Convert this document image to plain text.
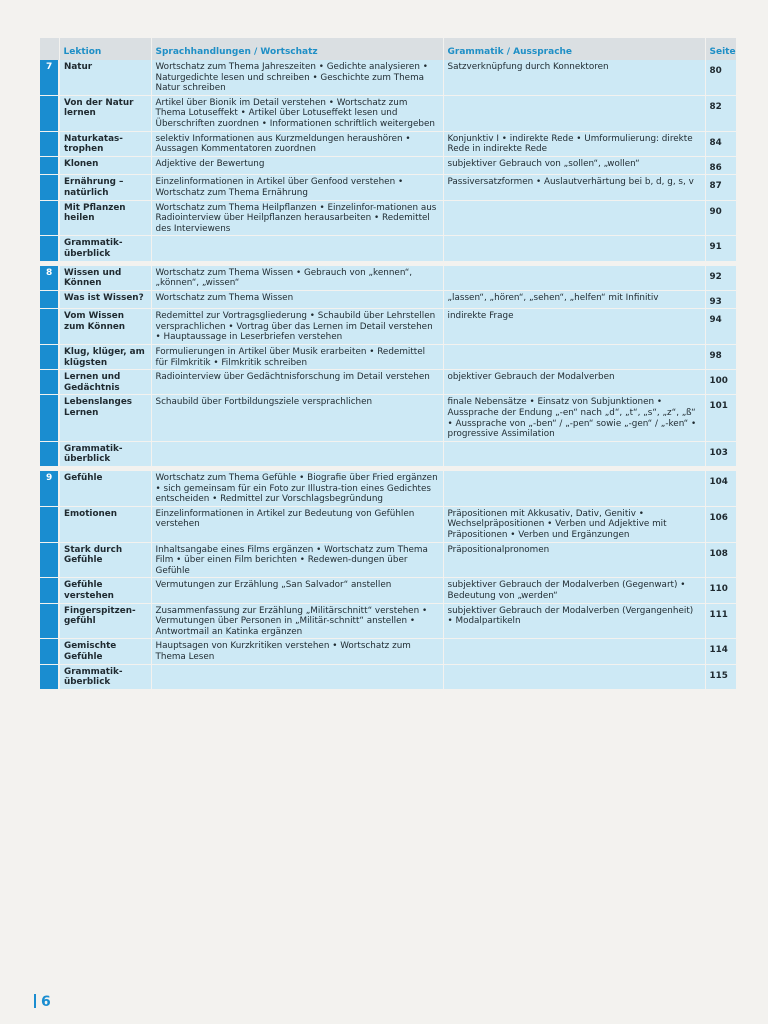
	Lektion	Sprachhandlungen / Wortschatz	Grammatik / Aussprache	Seite
7	Natur	Wortschatz zum Thema Jahreszeiten • Gedichte analysieren • Naturgedichte lesen und schreiben • Geschichte zum Thema Natur schreiben	Satzverknüpfung durch Konnektoren	80
	Von der Natur lernen	Artikel über Bionik im Detail verstehen • Wortschatz zum Thema Lotuseffekt • Artikel über Lotuseffekt lesen und Überschriften zuordnen • Informationen schriftlich weitergeben		82
	Naturkatas-trophen	selektiv Informationen aus Kurzmeldungen heraushören • Aussagen Kommentatoren zuordnen	Konjunktiv I • indirekte Rede • Umformulierung: direkte Rede in indirekte Rede	84
	Klonen	Adjektive der Bewertung	subjektiver Gebrauch von „sollen“, „wollen“	86
	Ernährung – natürlich	Einzelinformationen in Artikel über Genfood verstehen • Wortschatz zum Thema Ernährung	Passiversatzformen • Auslautverhärtung bei b, d, g, s, v	87
	Mit Pflanzen heilen	Wortschatz zum Thema Heilpflanzen • Einzelinfor-mationen aus Radiointerview über Heilpflanzen herausarbeiten • Redemittel des Interviewens		90
	Grammatik-überblick			91

8	Wissen und Können	Wortschatz zum Thema Wissen • Gebrauch von „kennen“, „können“, „wissen“		92
	Was ist Wissen?	Wortschatz zum Thema Wissen	„lassen“, „hören“, „sehen“, „helfen“ mit Infinitiv	93
	Vom Wissen zum Können	Redemittel zur Vortragsgliederung • Schaubild über Lehrstellen versprachlichen • Vortrag über das Lernen im Detail verstehen • Hauptaussage in Leserbriefen verstehen	indirekte Frage	94
	Klug, klüger, am klügsten	Formulierungen in Artikel über Musik erarbeiten • Redemittel für Filmkritik • Filmkritik schreiben		98
	Lernen und Gedächtnis	Radiointerview über Gedächtnisforschung im Detail verstehen	objektiver Gebrauch der Modalverben	100
	Lebenslanges Lernen	Schaubild über Fortbildungsziele versprachlichen	finale Nebensätze • Einsatz von Subjunktionen • Aussprache der Endung „-en“ nach „d“, „t“, „s“, „z“, „ß“ • Aussprache von „-ben“ / „-pen“ sowie „-gen“ / „-ken“ • progressive Assimilation	101
	Grammatik-überblick			103

9	Gefühle	Wortschatz zum Thema Gefühle • Biografie über Fried ergänzen • sich gemeinsam für ein Foto zur Illustra-tion eines Gedichtes entscheiden • Redmittel zur Vorschlagsbegründung		104
	Emotionen	Einzelinformationen in Artikel zur Bedeutung von Gefühlen verstehen	Präpositionen mit Akkusativ, Dativ, Genitiv • Wechselpräpositionen • Verben und Adjektive mit Präpositionen • Verben und Ergänzungen	106
	Stark durch Gefühle	Inhaltsangabe eines Films ergänzen • Wortschatz zum Thema Film • über einen Film berichten • Redewen-dungen über Gefühle	Präpositionalpronomen	108
	Gefühle verstehen	Vermutungen zur Erzählung „San Salvador“ anstellen	subjektiver Gebrauch der Modalverben (Gegenwart) • Bedeutung von „werden“	110
	Fingerspitzen-gefühl	Zusammenfassung zur Erzählung „Militärschnitt“ verstehen • Vermutungen über Personen in „Militär-schnitt“ anstellen • Antwortmail an Katinka ergänzen	subjektiver Gebrauch der Modalverben (Vergangenheit) • Modalpartikeln	111
	Gemischte Gefühle	Hauptsagen von Kurzkritiken verstehen • Wortschatz zum Thema Lesen		114
	Grammatik-überblick			115
6
